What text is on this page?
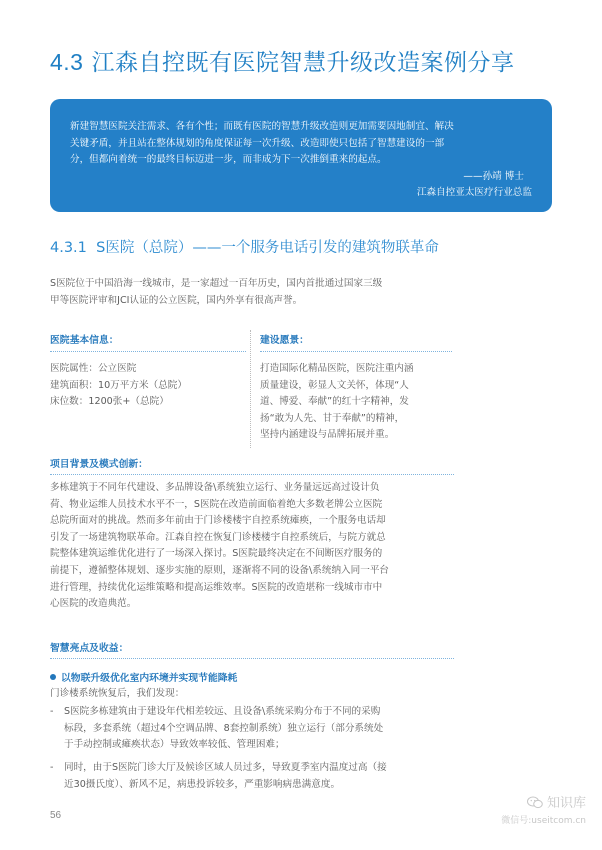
4.3 江森自控既有医院智慧升级改造案例分享
新建智慧医院关注需求、各有个性；而既有医院的智慧升级改造则更加需要因地制宜、解决
关键矛盾，并且站在整体规划的角度保证每一次升级、改造即使只包括了智慧建设的一部
分，但都向着统一的最终目标迈进一步，而非成为下一次推倒重来的起点。
——孙靖 博士
江森自控亚太医疗行业总监
4.3.1 S医院（总院）——一个服务电话引发的建筑物联革命
S医院位于中国沿海一线城市，是一家超过一百年历史，国内首批通过国家三级
甲等医院评审和JCI认证的公立医院，国内外享有很高声誉。
医院基本信息：
医院属性：公立医院
建筑面积：10万平方米（总院）
床位数：1200张+（总院）
建设愿景：
打造国际化精品医院，医院注重内涵
质量建设，彰显人文关怀，体现“人
道、博爱、奉献”的红十字精神，发
扬“敢为人先、甘于奉献”的精神，
坚持内涵建设与品牌拓展并重。
项目背景及模式创新：
多栋建筑于不同年代建设、多品牌设备\系统独立运行、业务量远远高过设计负
荷、物业运维人员技术水平不一，S医院在改造前面临着绝大多数老牌公立医院
总院所面对的挑战。然而多年前由于门诊楼楼宇自控系统瘫痪，一个服务电话却
引发了一场建筑物联革命。江森自控在恢复门诊楼楼宇自控系统后，与院方就总
院整体建筑运维优化进行了一场深入探讨。S医院最终决定在不间断医疗服务的
前提下，遵循整体规划、逐步实施的原则，逐渐将不同的设备\系统纳入同一平台
进行管理，持续优化运维策略和提高运维效率。S医院的改造堪称一线城市市中
心医院的改造典范。
智慧亮点及收益：
以物联升级优化室内环境并实现节能降耗
门诊楼系统恢复后，我们发现：
- S医院多栋建筑由于建设年代相差较远、且设备\系统采购分布于不同的采购
标段，多套系统（超过4个空调品牌、8套控制系统）独立运行（部分系统处
于手动控制或瘫痪状态）导致效率较低、管理困难；
- 同时，由于S医院门诊大厅及候诊区域人员过多，导致夏季室内温度过高（接
近30摄氏度）、新风不足，病患投诉较多，严重影响病患满意度。
56
知识库
微信号:useitcom.cn
